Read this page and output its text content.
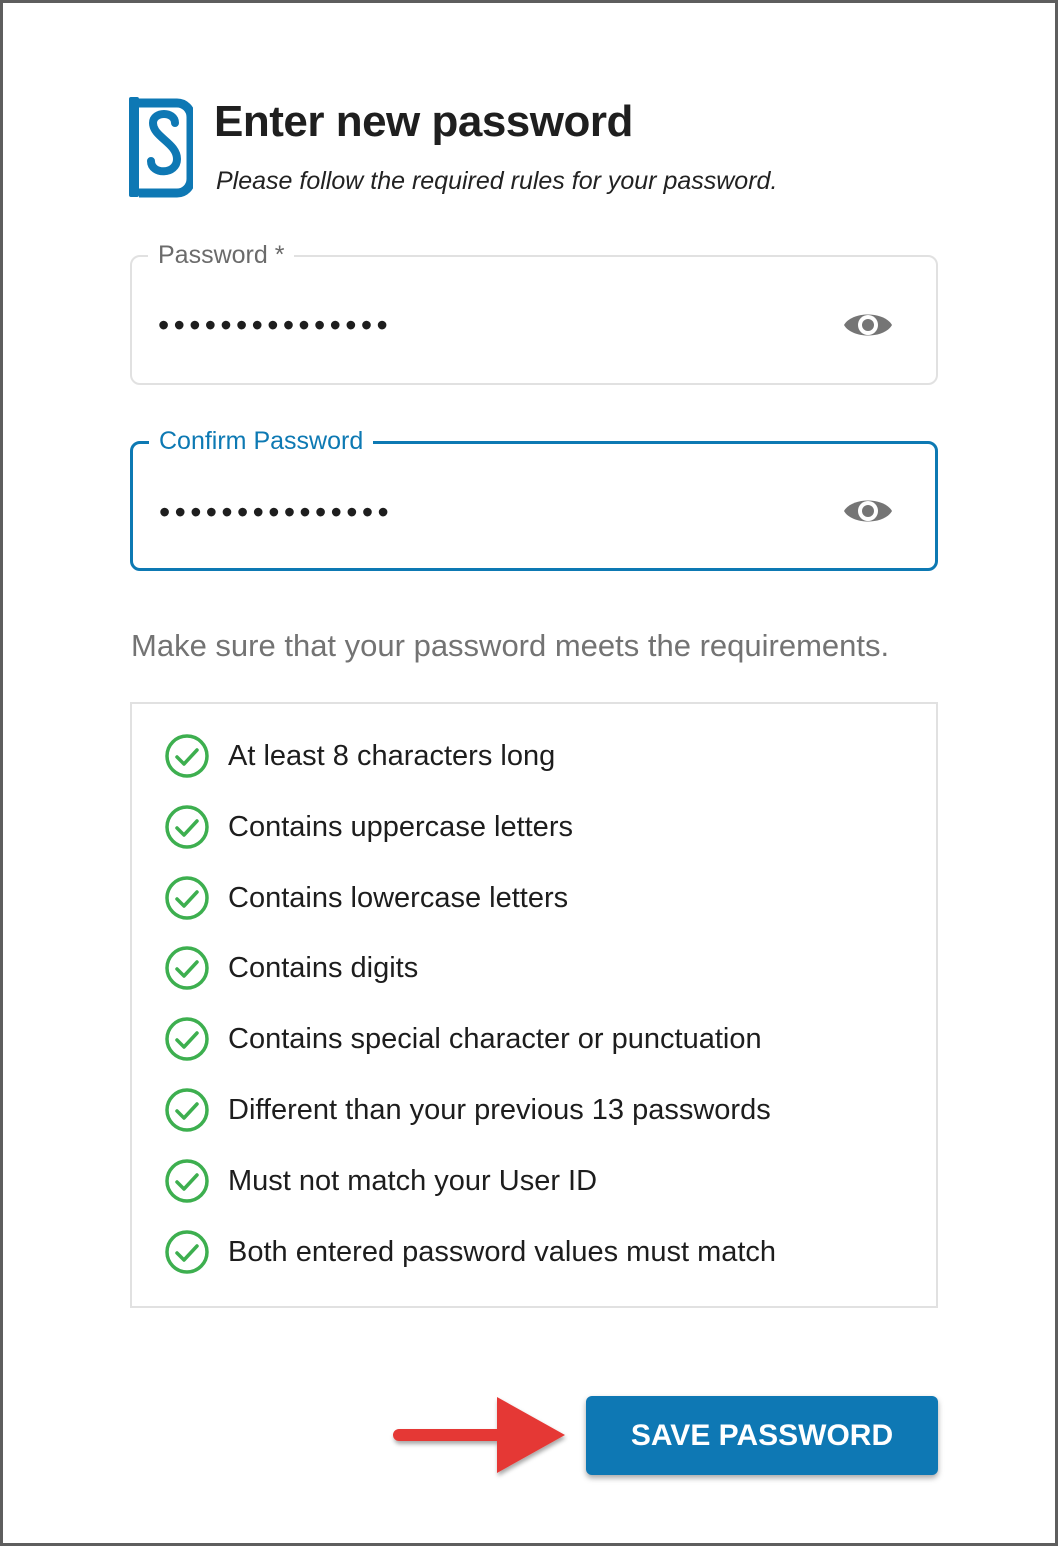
Enter new password
Please follow the required rules for your password.
Password *
•••••••••••••••
Confirm Password
•••••••••••••••
Make sure that your password meets the requirements.
At least 8 characters long
Contains uppercase letters
Contains lowercase letters
Contains digits
Contains special character or punctuation
Different than your previous 13 passwords
Must not match your User ID
Both entered password values must match
SAVE PASSWORD
